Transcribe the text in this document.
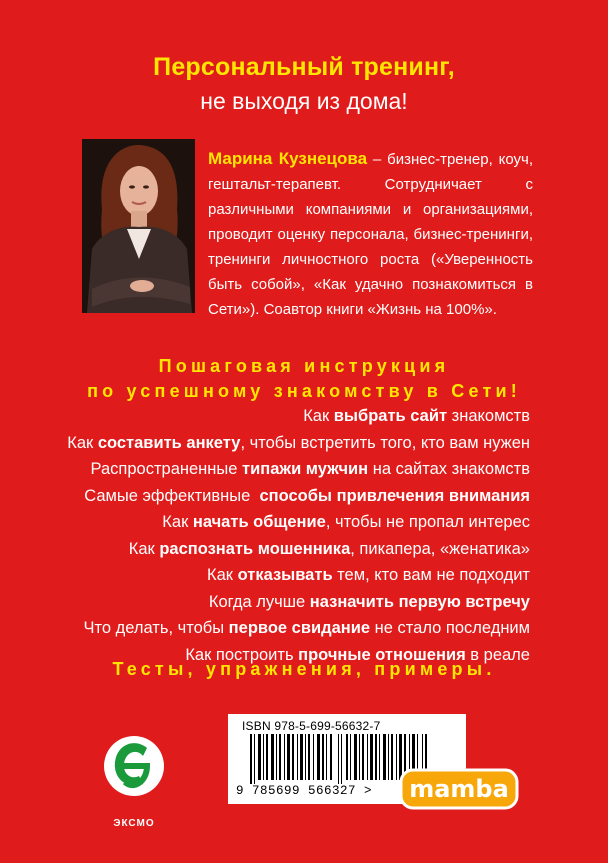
Персональный тренинг,
не выходя из дома!
Марина Кузнецова – бизнес-тренер, коуч, гештальт-терапевт. Сотрудничает с различными компаниями и организациями, проводит оценку персонала, бизнес-тренинги, тренинги личностного роста («Уверенность быть собой», «Как удачно познакомиться в Сети»). Соавтор книги «Жизнь на 100%».
Пошаговая инструкция
по успешному знакомству в Сети!
Как выбрать сайт знакомств
Как составить анкету, чтобы встретить того, кто вам нужен
Распространенные типажи мужчин на сайтах знакомств
Самые эффективные  способы привлечения внимания
Как начать общение, чтобы не пропал интерес
Как распознать мошенника, пикапера, «женатика»
Как отказывать тем, кто вам не подходит
Когда лучше назначить первую встречу
Что делать, чтобы первое свидание не стало последним
Как построить прочные отношения в реале
Тесты, упражнения, примеры.
ЭКСМО
ISBN 978-5-699-56632-7
9 785699 566327 > mamba
